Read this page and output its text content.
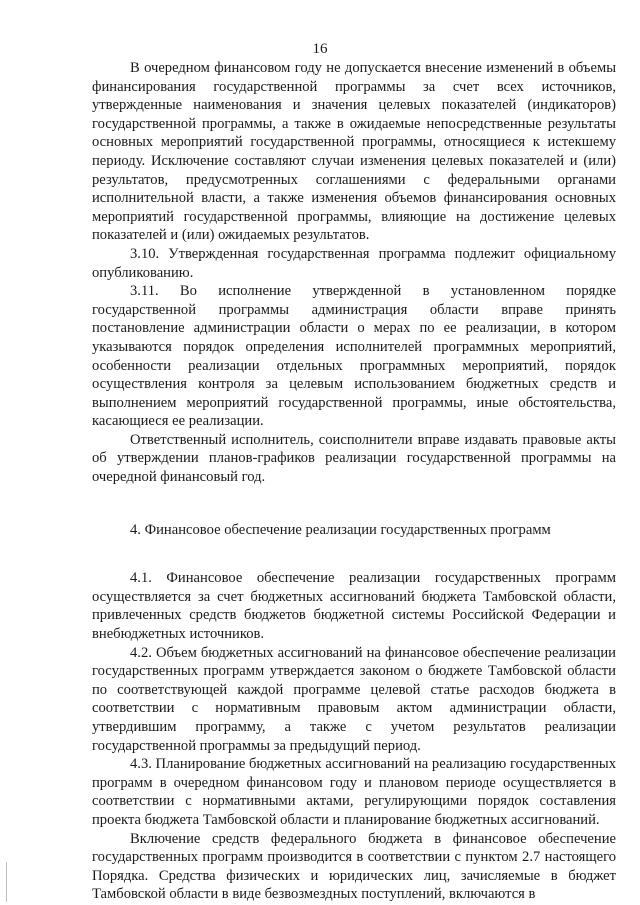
16

В очередном финансовом году не допускается внесение изменений в объемы финансирования государственной программы за счет всех источников, утвержденные наименования и значения целевых показателей (индикаторов) государственной программы, а также в ожидаемые непосредственные результаты основных мероприятий государственной программы, относящиеся к истекшему периоду. Исключение составляют случаи изменения целевых показателей и (или) результатов, предусмотренных соглашениями с федеральными органами исполнительной власти, а также изменения объемов финансирования основных мероприятий государственной программы, влияющие на достижение целевых показателей и (или) ожидаемых результатов.

3.10. Утвержденная государственная программа подлежит официальному опубликованию.

3.11. Во исполнение утвержденной в установленном порядке государственной программы администрация области вправе принять постановление администрации области о мерах по ее реализации, в котором указываются порядок определения исполнителей программных мероприятий, особенности реализации отдельных программных мероприятий, порядок осуществления контроля за целевым использованием бюджетных средств и выполнением мероприятий государственной программы, иные обстоятельства, касающиеся ее реализации.

Ответственный исполнитель, соисполнители вправе издавать правовые акты об утверждении планов-графиков реализации государственной программы на очередной финансовый год.

4. Финансовое обеспечение реализации государственных программ

4.1. Финансовое обеспечение реализации государственных программ осуществляется за счет бюджетных ассигнований бюджета Тамбовской области, привлеченных средств бюджетов бюджетной системы Российской Федерации и внебюджетных источников.

4.2. Объем бюджетных ассигнований на финансовое обеспечение реализации государственных программ утверждается законом о бюджете Тамбовской области по соответствующей каждой программе целевой статье расходов бюджета в соответствии с нормативным правовым актом администрации области, утвердившим программу, а также с учетом результатов реализации государственной программы за предыдущий период.

4.3. Планирование бюджетных ассигнований на реализацию государственных программ в очередном финансовом году и плановом периоде осуществляется в соответствии с нормативными актами, регулирующими порядок составления проекта бюджета Тамбовской области и планирование бюджетных ассигнований.

Включение средств федерального бюджета в финансовое обеспечение государственных программ производится в соответствии с пунктом 2.7 настоящего Порядка. Средства физических и юридических лиц, зачисляемые в бюджет Тамбовской области в виде безвозмездных поступлений, включаются в
